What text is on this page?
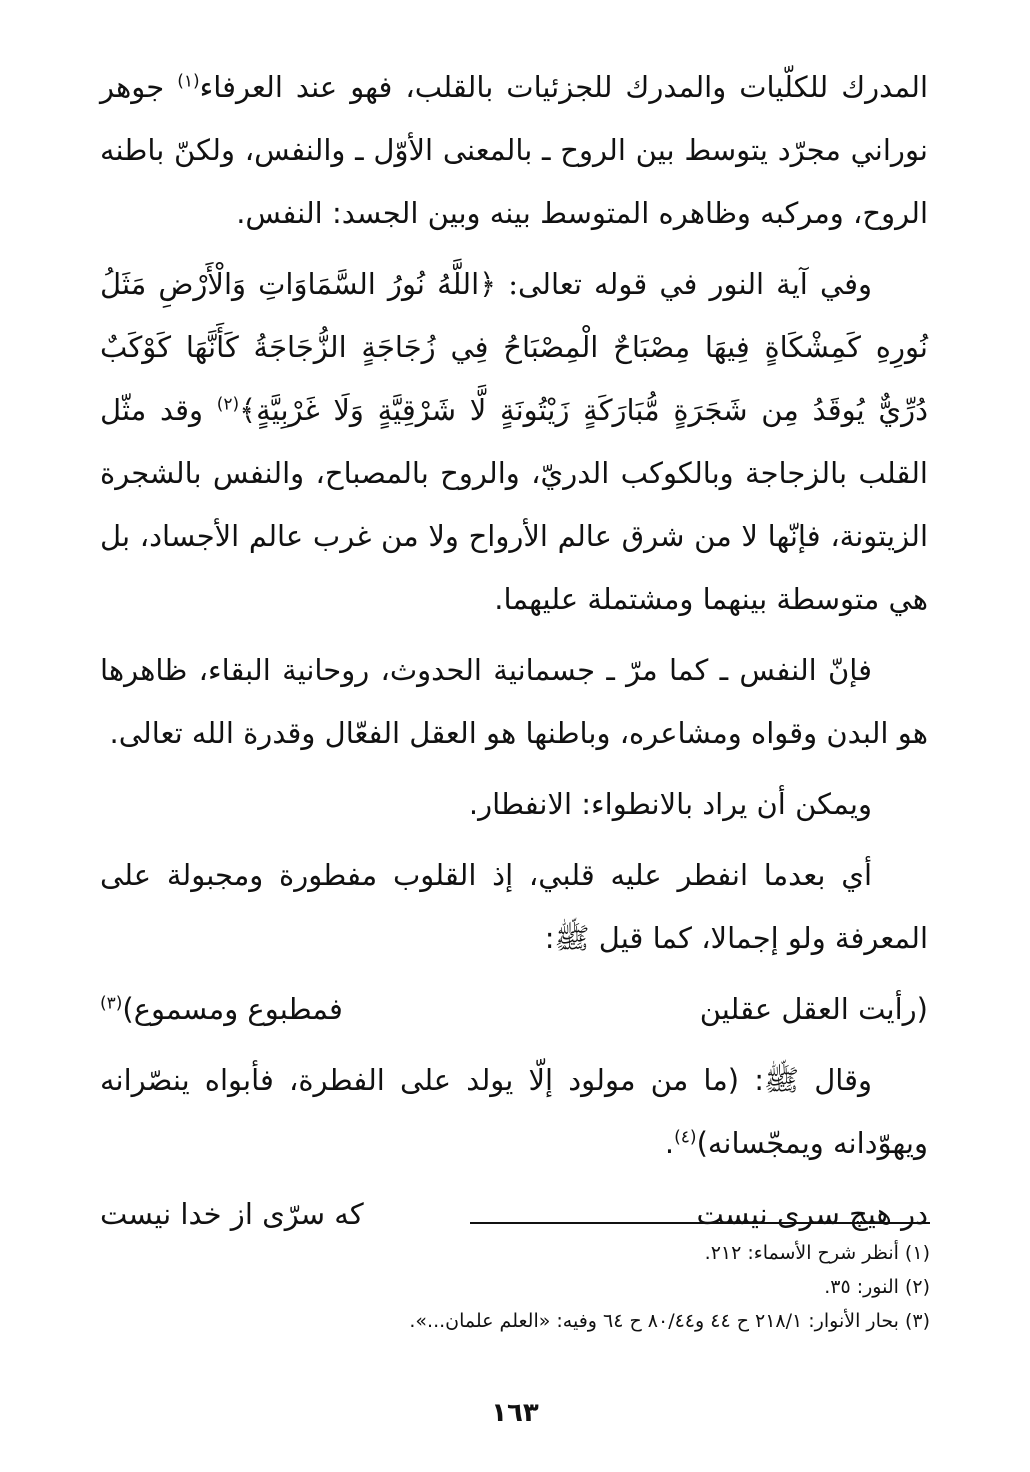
المدرك للكلّيات والمدرك للجزئيات بالقلب، فهو عند العرفاء$^{(١)}$ جوهر نوراني مجرّد يتوسط بين الروح ـ بالمعنى الأوّل ـ والنفس، ولكنّ باطنه الروح، ومركبه وظاهره المتوسط بينه وبين الجسد: النفس.

وفي آية النور في قوله تعالى: ﴿اللَّهُ نُورُ السَّمَاوَاتِ وَالْأَرْضِ مَثَلُ نُورِهِ كَمِشْكَاةٍ فِيهَا مِصْبَاحٌ الْمِصْبَاحُ فِي زُجَاجَةٍ الزُّجَاجَةُ كَأَنَّهَا كَوْكَبٌ دُرِّيٌّ يُوقَدُ مِن شَجَرَةٍ مُّبَارَكَةٍ زَيْتُونَةٍ لَّا شَرْقِيَّةٍ وَلَا غَرْبِيَّةٍ﴾$^{(٢)}$ وقد مثّل القلب بالزجاجة وبالكوكب الدريّ، والروح بالمصباح، والنفس بالشجرة الزيتونة، فإنّها لا من شرق عالم الأرواح ولا من غرب عالم الأجساد، بل هي متوسطة بينهما ومشتملة عليهما.

فإنّ النفس ـ كما مرّ ـ جسمانية الحدوث، روحانية البقاء، ظاهرها هو البدن وقواه ومشاعره، وباطنها هو العقل الفعّال وقدرة الله تعالى.

ويمكن أن يراد بالانطواء: الانفطار.

أي بعدما انفطر عليه قلبي، إذ القلوب مفطورة ومجبولة على المعرفة ولو إجمالا، كما قيل ﷺ:

(رأيت العقل عقلين
فمطبوع ومسموع)$^{(٣)}$

وقال ﷺ: (ما من مولود إلّا يولد على الفطرة، فأبواه ينصّرانه ويهوّدانه ويمجّسانه)$^{(٤)}$.

در هيچ سرى نيست
كه سرّى از خدا نيست
(١) أنظر شرح الأسماء: ٢١٢.
(٢) النور: ٣٥.
(٣) بحار الأنوار: ٢١٨/١ ح ٤٤ و٨٠/٤٤ ح ٦٤ وفيه: «العلم علمان...».
١٦٣
